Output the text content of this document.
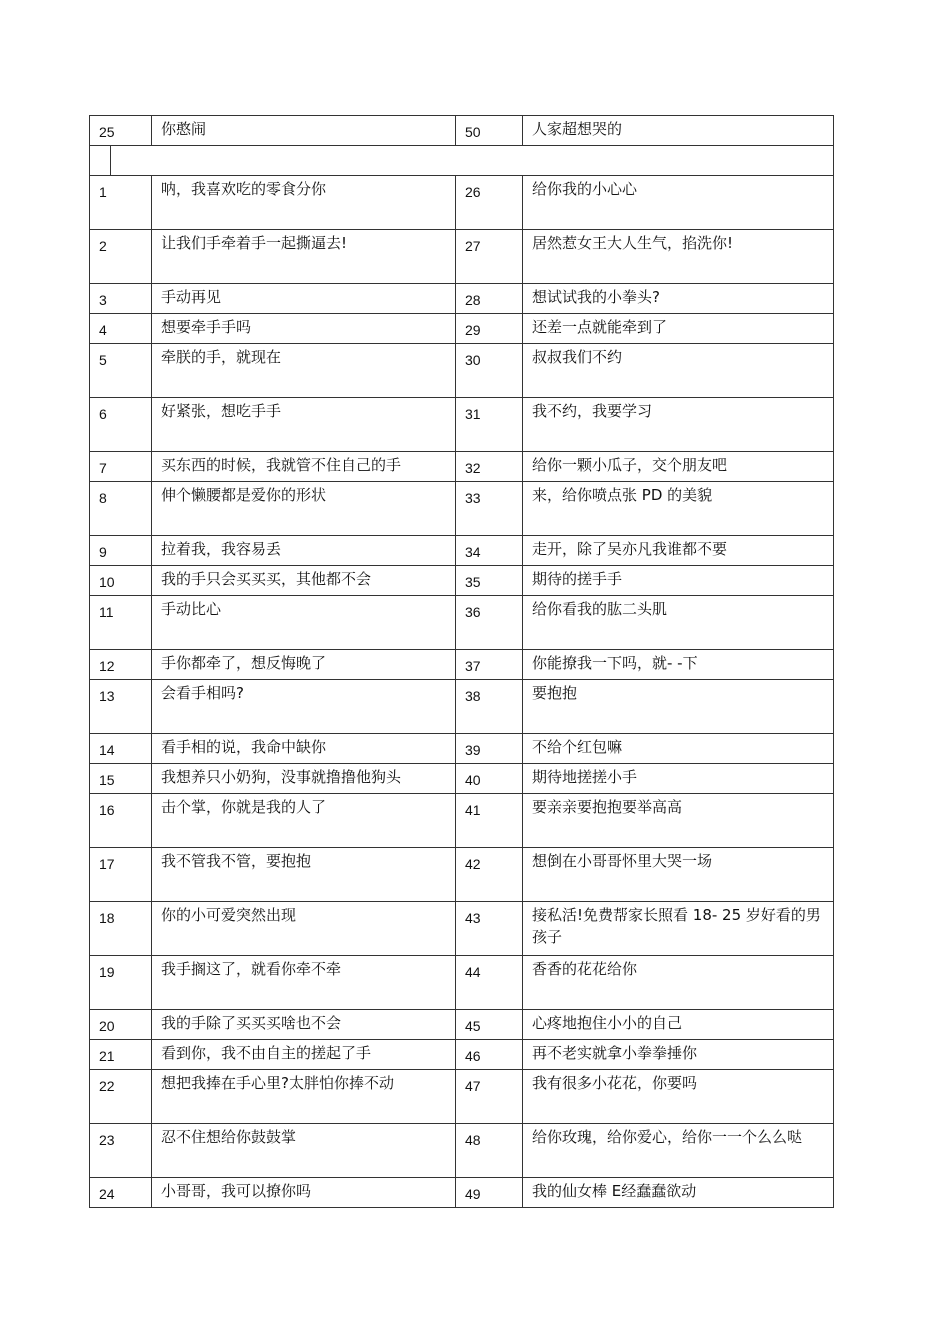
25	你憨闹	50	人家超想哭的

1	呐，我喜欢吃的零食分你	26	给你我的小心心
2	让我们手牵着手一起撕逼去!	27	居然惹女王大人生气，掐洗你!
3	手动再见	28	想试试我的小拳头?
4	想要牵手手吗	29	还差一点就能牵到了
5	牵朕的手，就现在	30	叔叔我们不约
6	好紧张，想吃手手	31	我不约，我要学习
7	买东西的时候，我就管不住自己的手	32	给你一颗小瓜子，交个朋友吧
8	伸个懒腰都是爱你的形状	33	来，给你喷点张 PD 的美貌
9	拉着我，我容易丢	34	走开，除了吴亦凡我谁都不要
10	我的手只会买买买，其他都不会	35	期待的搓手手
11	手动比心	36	给你看我的肱二头肌
12	手你都牵了，想反悔晚了	37	你能撩我一下吗，就- -下
13	会看手相吗?	38	要抱抱
14	看手相的说，我命中缺你	39	不给个红包嘛
15	我想养只小奶狗，没事就撸撸他狗头	40	期待地搓搓小手
16	击个掌，你就是我的人了	41	要亲亲要抱抱要举高高
17	我不管我不管，要抱抱	42	想倒在小哥哥怀里大哭一场
18	你的小可爱突然出现	43	接私活!免费帮家长照看 18- 25 岁好看的男孩子
19	我手搁这了，就看你牵不牵	44	香香的花花给你
20	我的手除了买买买啥也不会	45	心疼地抱住小小的自己
21	看到你，我不由自主的搓起了手	46	再不老实就拿小拳拳捶你
22	想把我捧在手心里?太胖怕你捧不动	47	我有很多小花花，你要吗
23	忍不住想给你鼓鼓掌	48	给你玫瑰，给你爱心，给你一一个么么哒
24	小哥哥，我可以撩你吗	49	我的仙女棒 E经蠢蠢欲动
